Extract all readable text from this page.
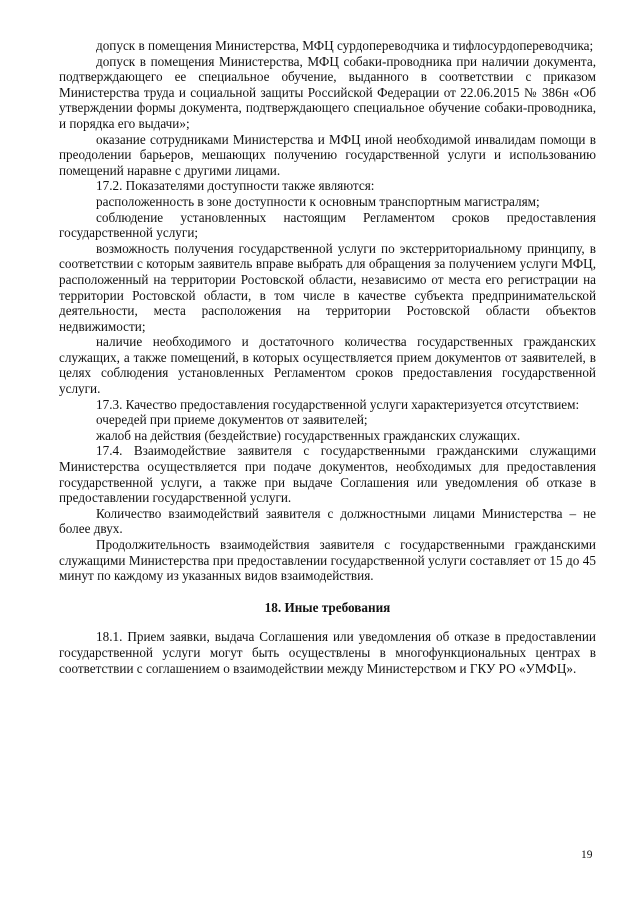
допуск в помещения Министерства, МФЦ сурдопереводчика и тифлосурдопереводчика;

допуск в помещения Министерства, МФЦ собаки-проводника при наличии документа, подтверждающего ее специальное обучение, выданного в соответствии с приказом Министерства труда и социальной защиты Российской Федерации от 22.06.2015 № 386н «Об утверждении формы документа, подтверждающего специальное обучение собаки-проводника, и порядка его выдачи»;

оказание сотрудниками Министерства и МФЦ иной необходимой инвалидам помощи в преодолении барьеров, мешающих получению государственной услуги и использованию помещений наравне с другими лицами.

17.2. Показателями доступности также являются:

расположенность в зоне доступности к основным транспортным магистралям;

соблюдение установленных настоящим Регламентом сроков предоставления государственной услуги;

возможность получения государственной услуги по экстерриториальному принципу, в соответствии с которым заявитель вправе выбрать для обращения за получением услуги МФЦ, расположенный на территории Ростовской области, независимо от места его регистрации на территории Ростовской области, в том числе в качестве субъекта предпринимательской деятельности, места расположения на территории Ростовской области объектов недвижимости;

наличие необходимого и достаточного количества государственных гражданских служащих, а также помещений, в которых осуществляется прием документов от заявителей, в целях соблюдения установленных Регламентом сроков предоставления государственной услуги.

17.3. Качество предоставления государственной услуги характеризуется отсутствием:

очередей при приеме документов от заявителей;

жалоб на действия (бездействие) государственных гражданских служащих.

17.4. Взаимодействие заявителя с государственными гражданскими служащими Министерства осуществляется при подаче документов, необходимых для предоставления государственной услуги, а также при выдаче Соглашения или уведомления об отказе в предоставлении государственной услуги.

Количество взаимодействий заявителя с должностными лицами Министерства – не более двух.

Продолжительность взаимодействия заявителя с государственными гражданскими служащими Министерства при предоставлении государственной услуги составляет от 15 до 45 минут по каждому из указанных видов взаимодействия.

18. Иные требования

18.1. Прием заявки, выдача Соглашения или уведомления об отказе в предоставлении государственной услуги могут быть осуществлены в многофункциональных центрах в соответствии с соглашением о взаимодействии между Министерством и ГКУ РО «УМФЦ».

19
